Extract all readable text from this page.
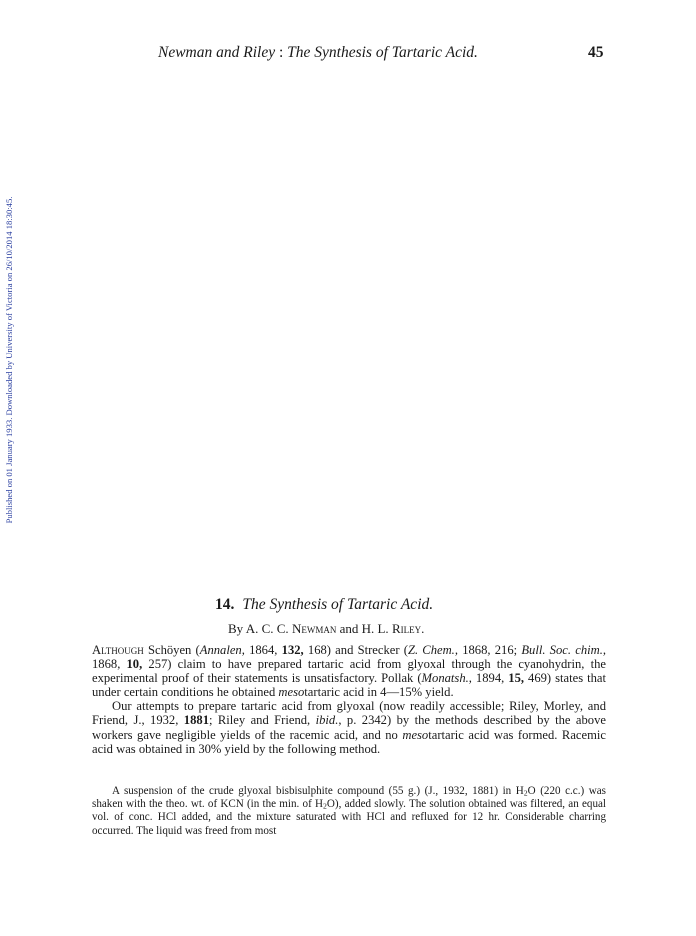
Published on 01 January 1933. Downloaded by University of Victoria on 26/10/2014 18:30:45.
Newman and Riley : The Synthesis of Tartaric Acid.	45
14. The Synthesis of Tartaric Acid.
By A. C. C. Newman and H. L. Riley.

Although Schöyen (Annalen, 1864, 132, 168) and Strecker (Z. Chem., 1868, 216; Bull. Soc. chim., 1868, 10, 257) claim to have prepared tartaric acid from glyoxal through the cyanohydrin, the experimental proof of their statements is unsatisfactory. Pollak (Monatsh., 1894, 15, 469) states that under certain conditions he obtained mesotartaric acid in 4—15% yield.

Our attempts to prepare tartaric acid from glyoxal (now readily accessible; Riley, Morley, and Friend, J., 1932, 1881; Riley and Friend, ibid., p. 2342) by the methods described by the above workers gave negligible yields of the racemic acid, and no mesotartaric acid was formed. Racemic acid was obtained in 30% yield by the following method.

A suspension of the crude glyoxal bisbisulphite compound (55 g.) (J., 1932, 1881) in $H_2O$ (220 c.c.) was shaken with the theo. wt. of KCN (in the min. of $H_2O$), added slowly. The solution obtained was filtered, an equal vol. of conc. HCl added, and the mixture saturated with HCl and refluxed for 12 hr. Considerable charring occurred. The liquid was freed from most
